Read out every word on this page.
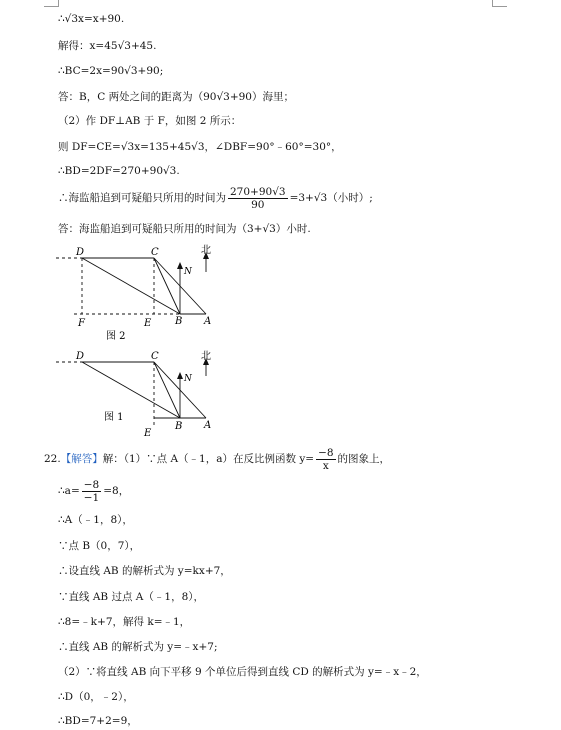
∴√3x=x+90.
解得：x=45√3+45.
∴BC=2x=90√3+90;
答：B，C 两处之间的距离为（90√3+90）海里；
（2）作 DF⊥AB 于 F，如图 2 所示：
则 DF=CE=√3x=135+45√3，∠DBF=90°﹣60°=30°，
∴BD=2DF=270+90√3.
∴海监船追到可疑船只所用的时间为 $\frac{270+90√3}{90} =3+√3$（小时）;
答：海监船追到可疑船只所用的时间为（3+√3）小时.
D	C
N
北
F	E B A
图 2
D	C
N
北
E
B A
图 1
22.【解答】解：（1）∵点 A（﹣1，a）在反比例函数 $y= \frac{-8}{x}$ 的图象上，
∴a= $\frac{-8}{-1} =8$，
∴A（﹣1，8），
∵点 B（0，7），
∴设直线 AB 的解析式为 y=kx+7，
∵直线 AB 过点 A（﹣1，8），
∴8=﹣k+7，解得 k=﹣1，
∴直线 AB 的解析式为 y=﹣x+7;
（2）∵将直线 AB 向下平移 9 个单位后得到直线 CD 的解析式为 y=﹣x﹣2，
∴D（0，﹣2），
∴BD=7+2=9，
